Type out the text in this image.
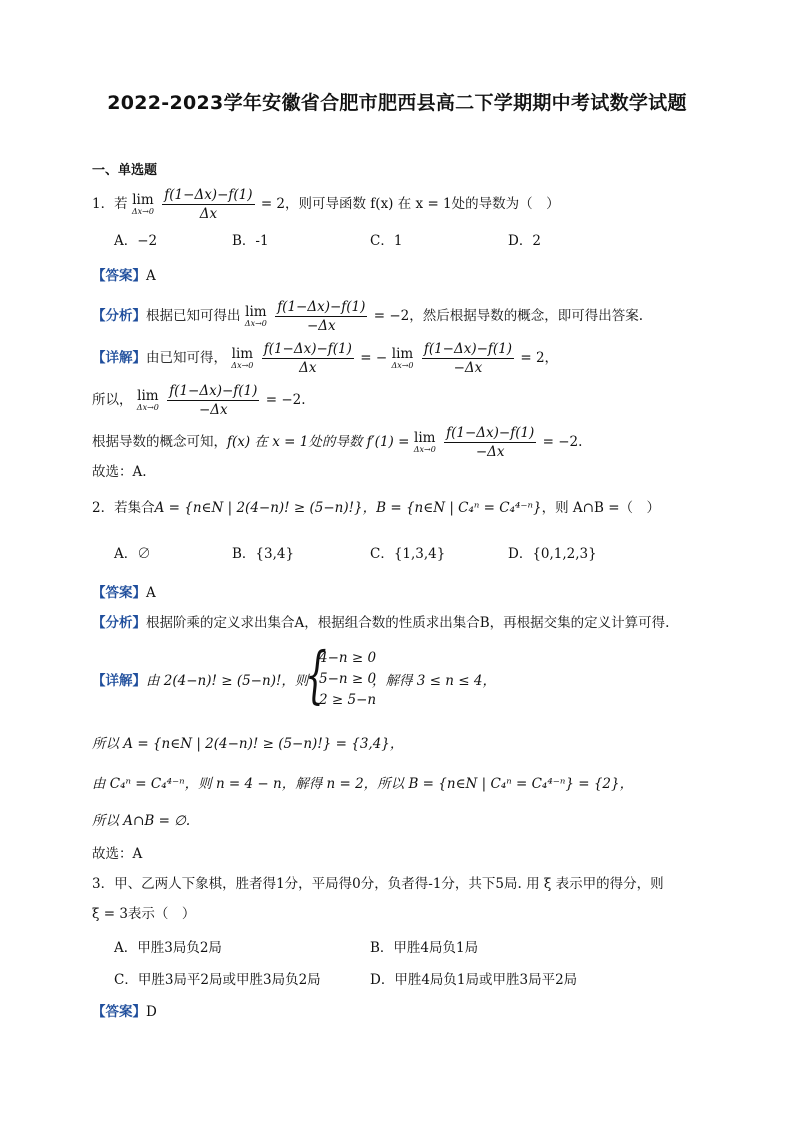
2022-2023学年安徽省合肥市肥西县高二下学期期中考试数学试题
一、单选题
1．若 lim
Δx→0
$\frac{f(1-\Delta x)-f(1)}{\Delta x} = 2$，则可导函数 f(x) 在 x = 1处的导数为（　）
A．−2	B．-1	C．1	D．2
【答案】A
【分析】根据已知可得出 lim
Δx→0
$\frac{f(1-\Delta x)-f(1)}{-\Delta x} = -2$，然后根据导数的概念，即可得出答案.
【详解】由已知可得， lim
Δx→0
$\frac{f(1-\Delta x)-f(1)}{\Delta x}$ = − lim
Δx→0
$\frac{f(1-\Delta x)-f(1)}{-\Delta x} = 2$，
所以， lim
Δx→0
$\frac{f(1-\Delta x)-f(1)}{-\Delta x} = -2$.
根据导数的概念可知，f(x) 在 x = 1处的导数 f′(1) = lim
Δx→0
$\frac{f(1-\Delta x)-f(1)}{-\Delta x} = -2$.
故选：A.
2．若集合A = {n∈N | 2(4−n)! ≥ (5−n)!}，B = {n∈N | C₄ⁿ = C₄⁴⁻ⁿ}，则 A∩B =（　）
A．∅	B．{3,4}	C．{1,3,4}	D．{0,1,2,3}
【答案】A
【分析】根据阶乘的定义求出集合A，根据组合数的性质求出集合B，再根据交集的定义计算可得.
【详解】由 2(4−n)! ≥ (5−n)!，则
{
4−n ≥ 0
5−n ≥ 0
2 ≥ 5−n
，解得 3 ≤ n ≤ 4，
所以 A = {n∈N | 2(4−n)! ≥ (5−n)!} = {3,4}，
由 C₄ⁿ = C₄⁴⁻ⁿ，则 n = 4 − n，解得 n = 2，所以 B = {n∈N | C₄ⁿ = C₄⁴⁻ⁿ} = {2}，
所以 A∩B = ∅.
故选：A
3．甲、乙两人下象棋，胜者得1分，平局得0分，负者得-1分，共下5局. 用 ξ 表示甲的得分，则
ξ = 3表示（　）
A．甲胜3局负2局	B．甲胜4局负1局
C．甲胜3局平2局或甲胜3局负2局	D．甲胜4局负1局或甲胜3局平2局
【答案】D
